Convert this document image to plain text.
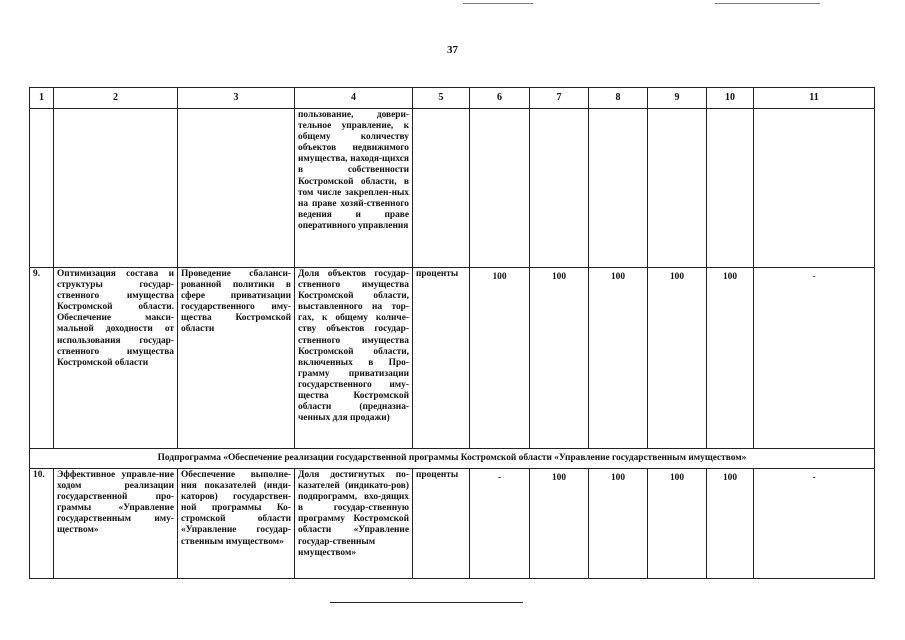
37
1	2	3	4	5	6	7	8	9	10	11
			пользование, довери-тельное управление, к общему количеству объектов недвижимого имущества, находя-щихся в собственности Костромской области, в том числе закреплен-ных на праве хозяй-ственного ведения и праве оперативного управления							
9.	Оптимизация состава и структуры государ-ственного имущества Костромской области. Обеспечение макси-мальной доходности от использования государ-ственного имущества Костромской области	Проведение сбаланси-рованной политики в сфере приватизации государственного иму-щества Костромской области	Доля объектов государ-ственного имущества Костромской области, выставленного на тор-гах, к общему количе-ству объектов государ-ственного имущества Костромской области, включенных в Про-грамму приватизации государственного иму-щества Костромской области (предназна-ченных для продажи)	проценты	100	100	100	100	100	-
Подпрограмма «Обеспечение реализации государственной программы Костромской области «Управление государственным имуществом»										
10.	Эффективное управле-ние ходом реализации государственной про-граммы «Управление государственным иму-ществом»	Обеспечение выполне-ния показателей (инди-каторов) государствен-ной программы Ко-стромской области «Управление государ-ственным имуществом»	Доля достигнутых по-казателей (индикато-ров) подпрограмм, вхо-дящих в государ-ственную программу Костромской области «Управление государ-ственным имуществом»	проценты	-	100	100	100	100	-
